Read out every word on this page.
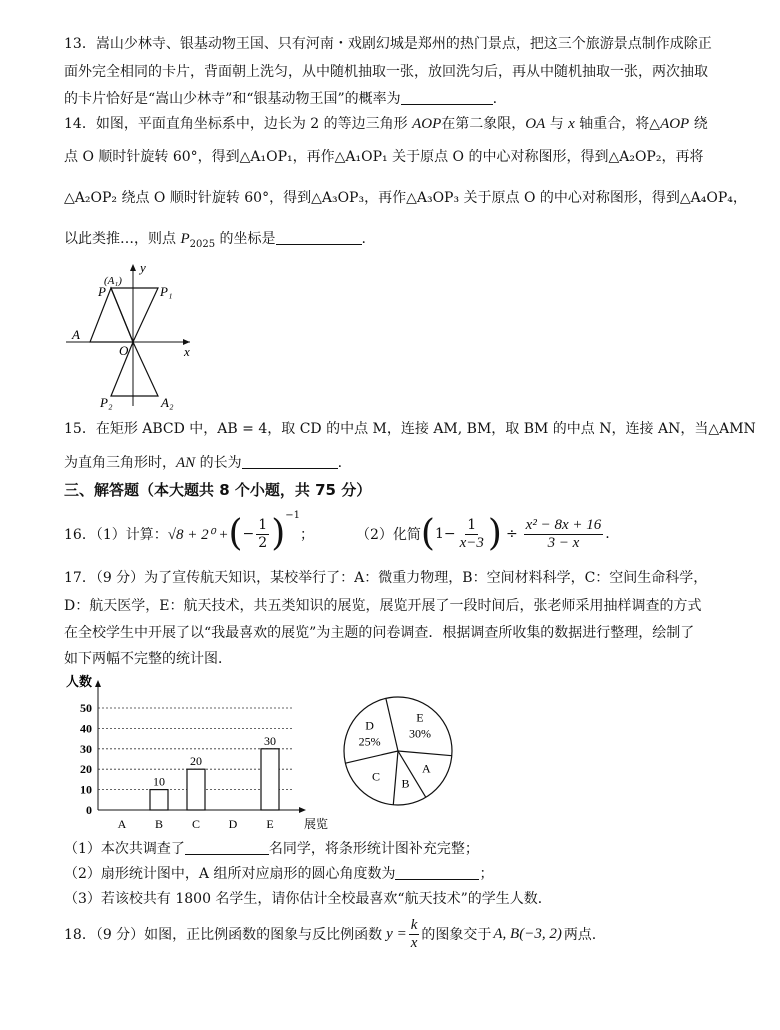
13．嵩山少林寺、银基动物王国、只有河南・戏剧幻城是郑州的热门景点，把这三个旅游景点制作成除正
面外完全相同的卡片，背面朝上洗匀，从中随机抽取一张，放回洗匀后，再从中随机抽取一张，两次抽取
的卡片恰好是“嵩山少林寺”和“银基动物王国”的概率为	.
14．如图，平面直角坐标系中，边长为 2 的等边三角形 AOP在第二象限，OA 与 x 轴重合，将△AOP 绕
点 O 顺时针旋转 60°，得到△A₁OP₁，再作△A₁OP₁ 关于原点 O 的中心对称图形，得到△A₂OP₂，再将
△A₂OP₂ 绕点 O 顺时针旋转 60°，得到△A₃OP₃，再作△A₃OP₃ 关于原点 O 的中心对称图形，得到△A₄OP₄，
以此类推…，则点 $P_{2025}$ 的坐标是	.
y
x
O
A
P
(A₁)
P₁
P₂	A₂
15．在矩形 ABCD 中，AB = 4，取 CD 的中点 M，连接 AM, BM，取 BM 的中点 N，连接 AN，当△AMN
为直角三角形时，AN 的长为	.
三、解答题（本大题共 8 个小题，共 75 分）
16．（1）计算： √8 + 2⁰ + ( − $\frac{1}{2} )^{-1}$
；	（2）化简 ( $1- \frac{1}{x-3}$ ) ÷ $\frac{\text{x² − 8x + 16}}{3 - x}$ .
17．（9 分）为了宣传航天知识，某校举行了：A：微重力物理，B：空间材料科学，C：空间生命科学，
D：航天医学，E：航天技术，共五类知识的展览，展览开展了一段时间后，张老师采用抽样调查的方式
在全校学生中开展了以“我最喜欢的展览”为主题的问卷调查．根据调查所收集的数据进行整理，绘制了
如下两幅不完整的统计图．
0
10
20
30
40
50
人数
展览
A B
10
C
20
D E
30
E
30%
A
B
C
D
25%
（1）本次共调查了	名同学，将条形统计图补充完整；
（2）扇形统计图中，A 组所对应扇形的圆心角度数为	；
（3）若该校共有 1800 名学生，请你估计全校最喜欢“航天技术”的学生人数．
18．（9 分）如图，正比例函数的图象与反比例函数 $y = \frac{k}{x}$ 的图象交于 A, B(−3, 2) 两点.
